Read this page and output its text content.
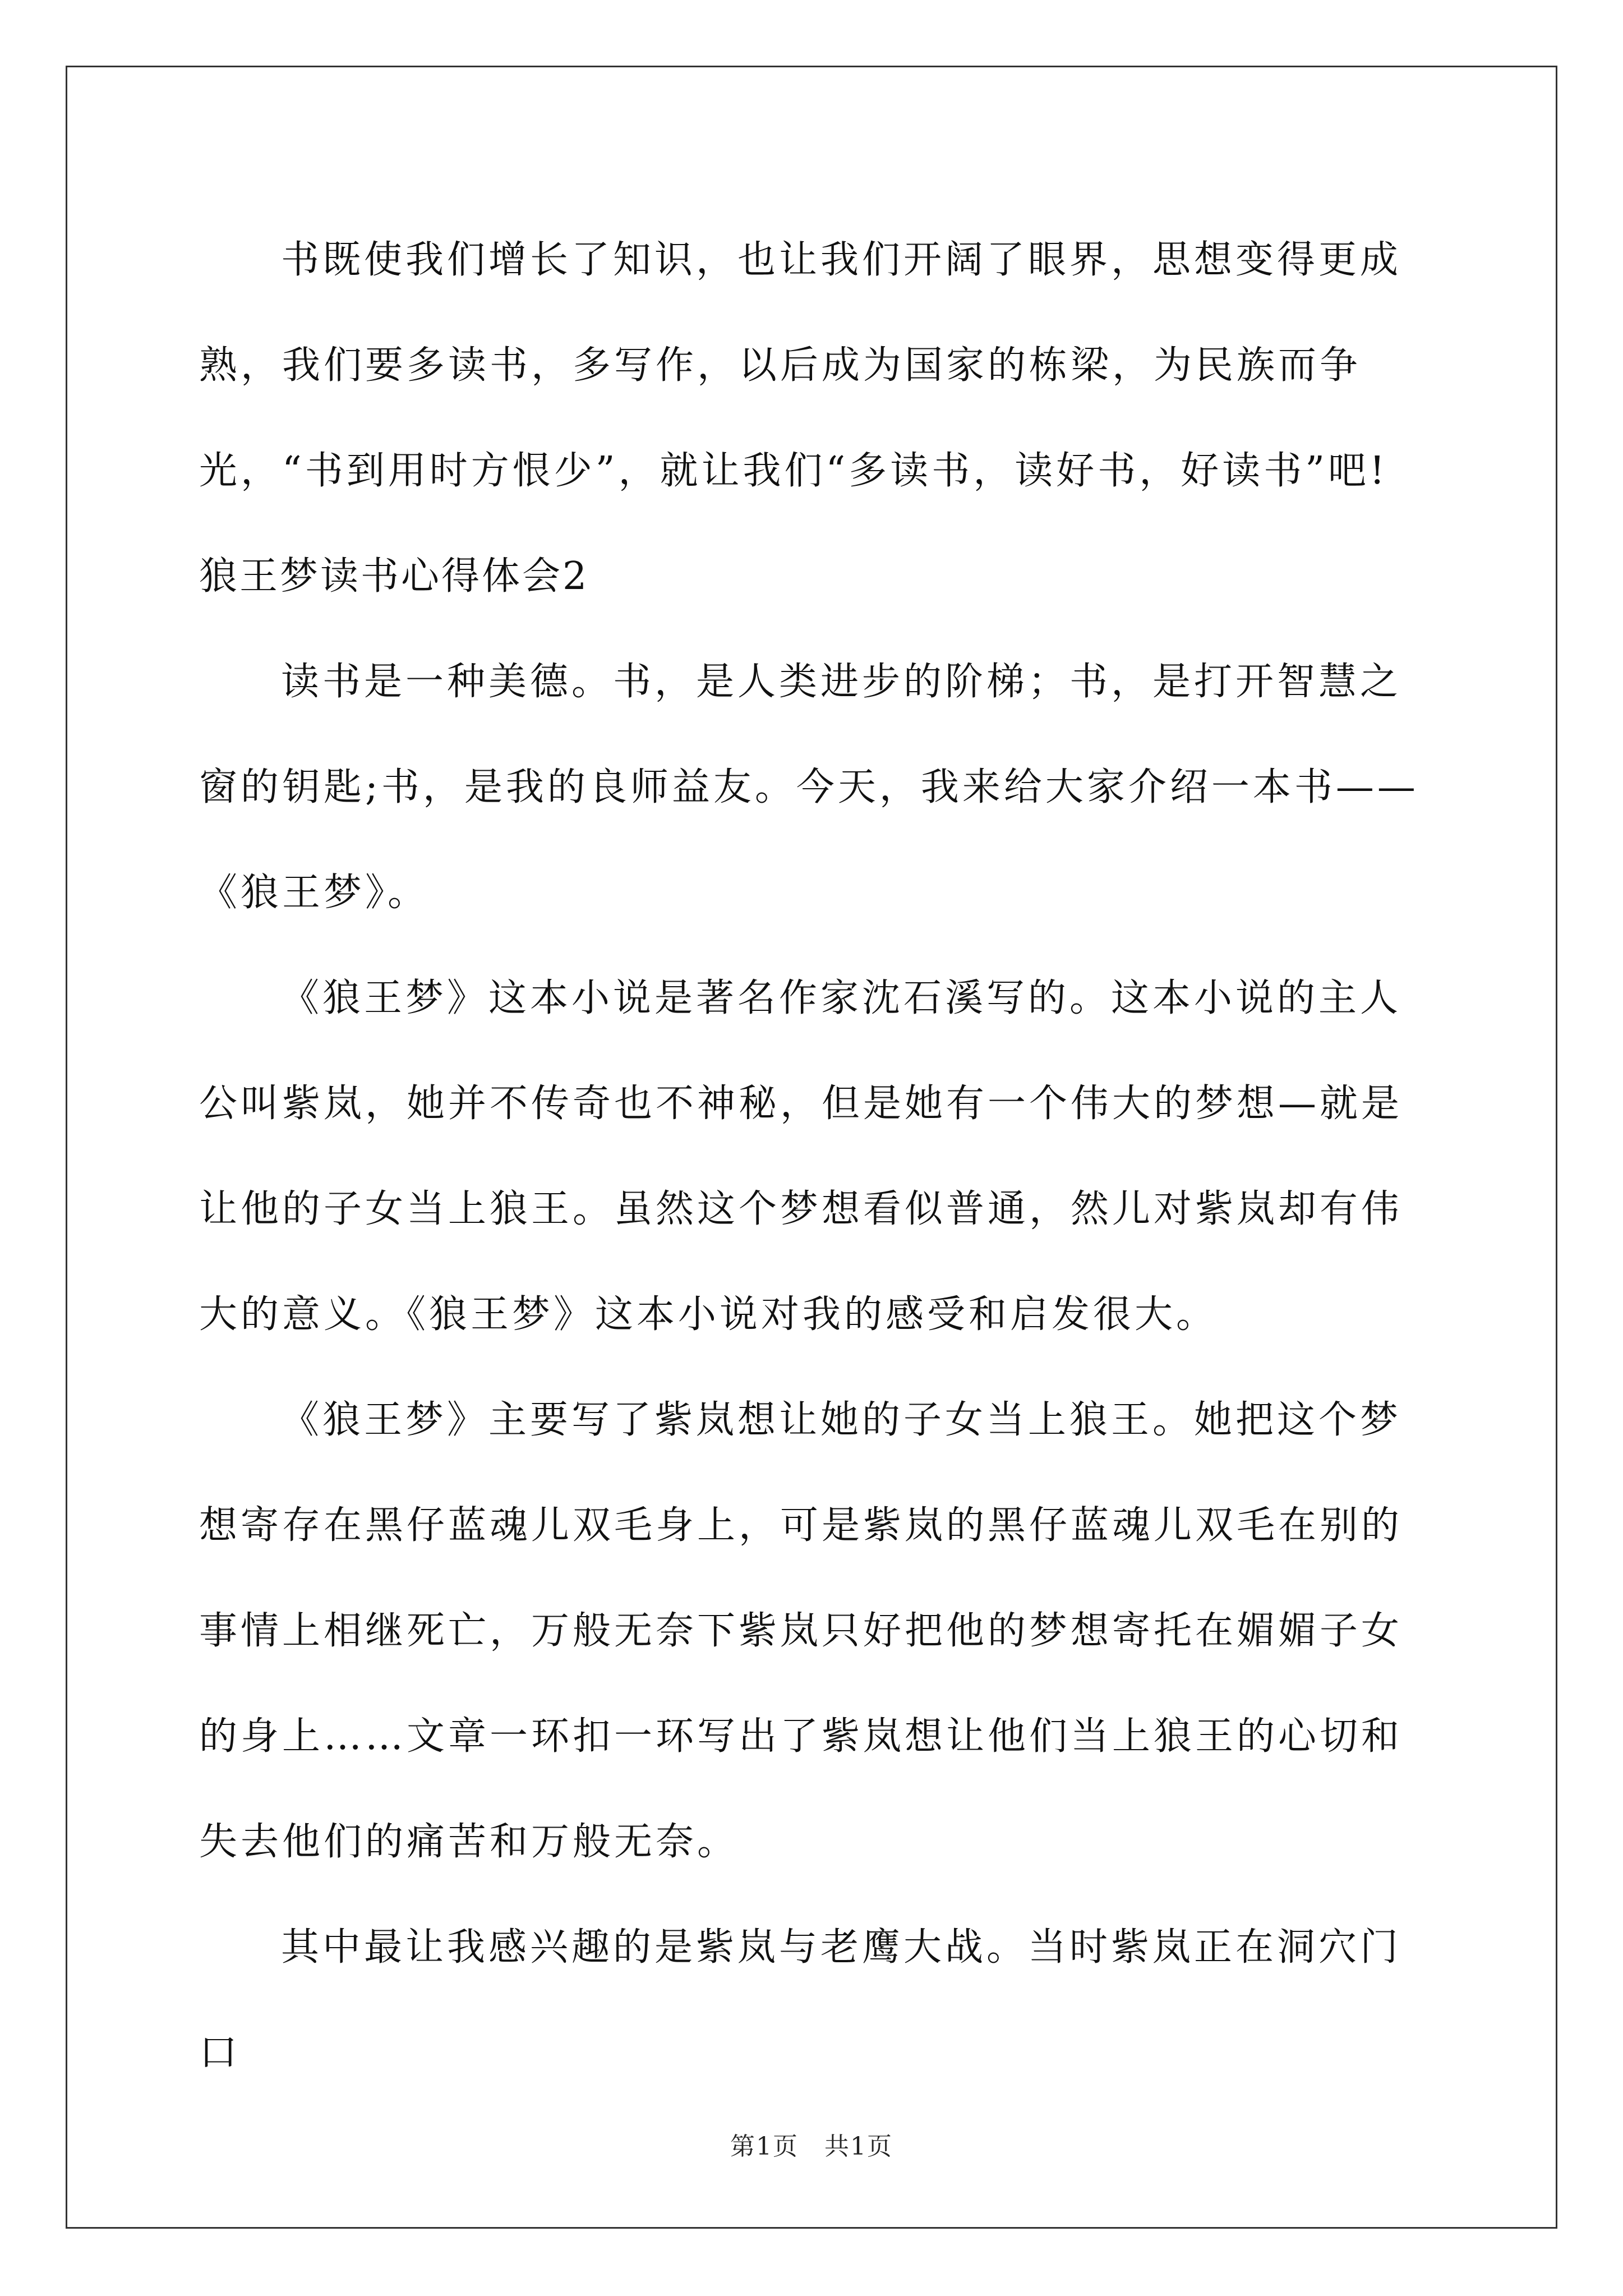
书既使我们增长了知识，也让我们开阔了眼界，思想变得更成熟，我们要多读书，多写作，以后成为国家的栋梁，为民族而争光，“书到用时方恨少”，就让我们“多读书，读好书，好读书”吧!

狼王梦读书心得体会2

读书是一种美德。书，是人类进步的阶梯；书，是打开智慧之窗的钥匙;书，是我的良师益友。今天，我来给大家介绍一本书——《狼王梦》。

《狼王梦》这本小说是著名作家沈石溪写的。这本小说的主人公叫紫岚，她并不传奇也不神秘，但是她有一个伟大的梦想—就是让他的子女当上狼王。虽然这个梦想看似普通，然儿对紫岚却有伟大的意义。《狼王梦》这本小说对我的感受和启发很大。

《狼王梦》主要写了紫岚想让她的子女当上狼王。她把这个梦想寄存在黑仔蓝魂儿双毛身上，可是紫岚的黑仔蓝魂儿双毛在别的事情上相继死亡，万般无奈下紫岚只好把他的梦想寄托在媚媚子女的身上……文章一环扣一环写出了紫岚想让他们当上狼王的心切和失去他们的痛苦和万般无奈。

其中最让我感兴趣的是紫岚与老鹰大战。当时紫岚正在洞穴门口

第1页　共1页
